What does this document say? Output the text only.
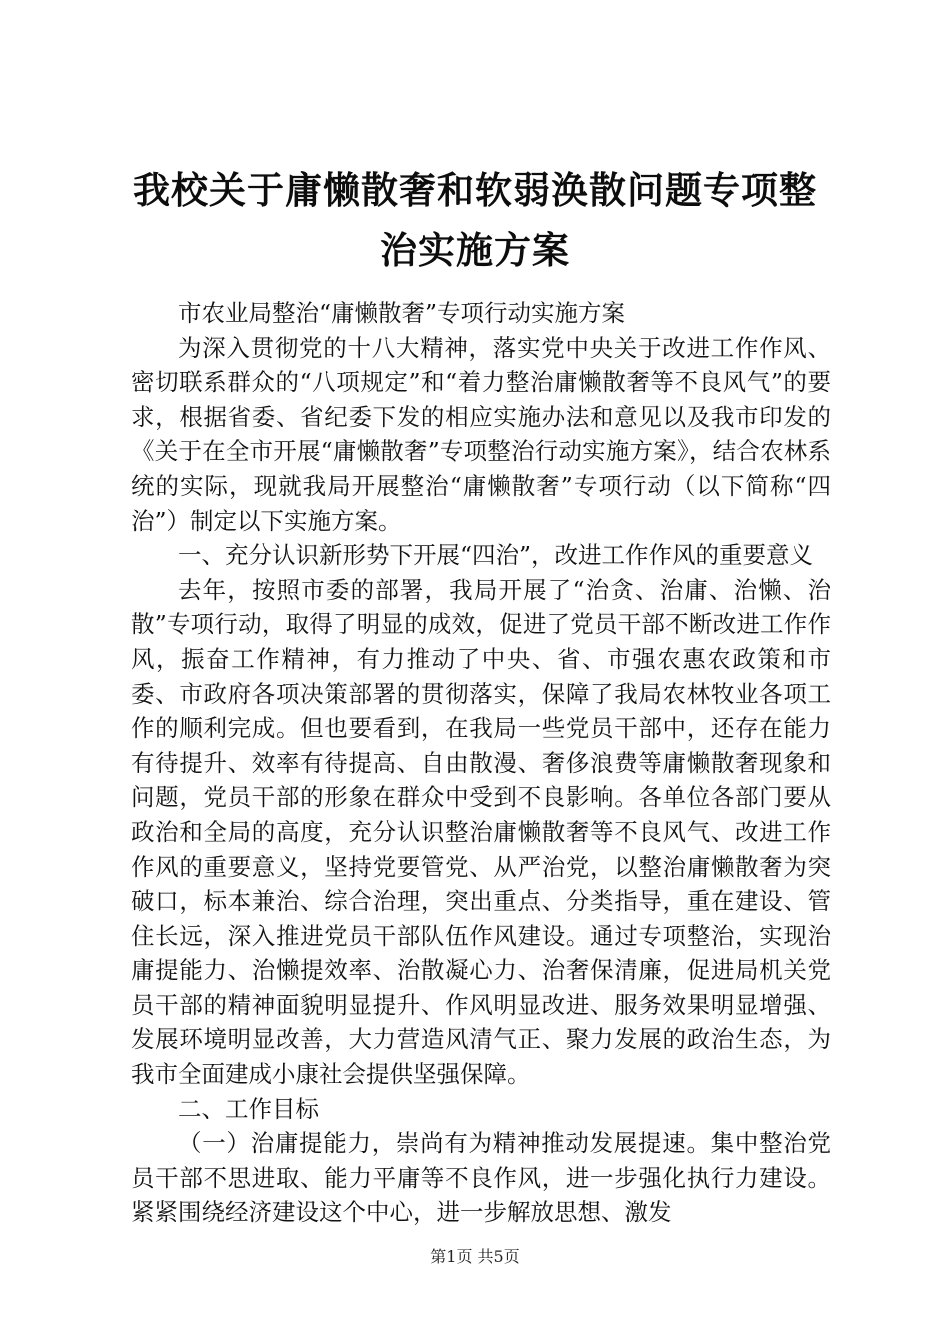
我校关于庸懒散奢和软弱涣散问题专项整治实施方案

市农业局整治“庸懒散奢”专项行动实施方案

为深入贯彻党的十八大精神，落实党中央关于改进工作作风、密切联系群众的“八项规定”和“着力整治庸懒散奢等不良风气”的要求，根据省委、省纪委下发的相应实施办法和意见以及我市印发的《关于在全市开展“庸懒散奢”专项整治行动实施方案》，结合农林系统的实际，现就我局开展整治“庸懒散奢”专项行动（以下简称“四治”）制定以下实施方案。

一、充分认识新形势下开展“四治”，改进工作作风的重要意义

去年，按照市委的部署，我局开展了“治贪、治庸、治懒、治散”专项行动，取得了明显的成效，促进了党员干部不断改进工作作风，振奋工作精神，有力推动了中央、省、市强农惠农政策和市委、市政府各项决策部署的贯彻落实，保障了我局农林牧业各项工作的顺利完成。但也要看到，在我局一些党员干部中，还存在能力有待提升、效率有待提高、自由散漫、奢侈浪费等庸懒散奢现象和问题，党员干部的形象在群众中受到不良影响。各单位各部门要从政治和全局的高度，充分认识整治庸懒散奢等不良风气、改进工作作风的重要意义，坚持党要管党、从严治党，以整治庸懒散奢为突破口，标本兼治、综合治理，突出重点、分类指导，重在建设、管住长远，深入推进党员干部队伍作风建设。通过专项整治，实现治庸提能力、治懒提效率、治散凝心力、治奢保清廉，促进局机关党员干部的精神面貌明显提升、作风明显改进、服务效果明显增强、发展环境明显改善，大力营造风清气正、聚力发展的政治生态，为我市全面建成小康社会提供坚强保障。

二、工作目标

（一）治庸提能力，崇尚有为精神推动发展提速。集中整治党员干部不思进取、能力平庸等不良作风，进一步强化执行力建设。紧紧围绕经济建设这个中心，进一步解放思想、激发

第1页 共5页
